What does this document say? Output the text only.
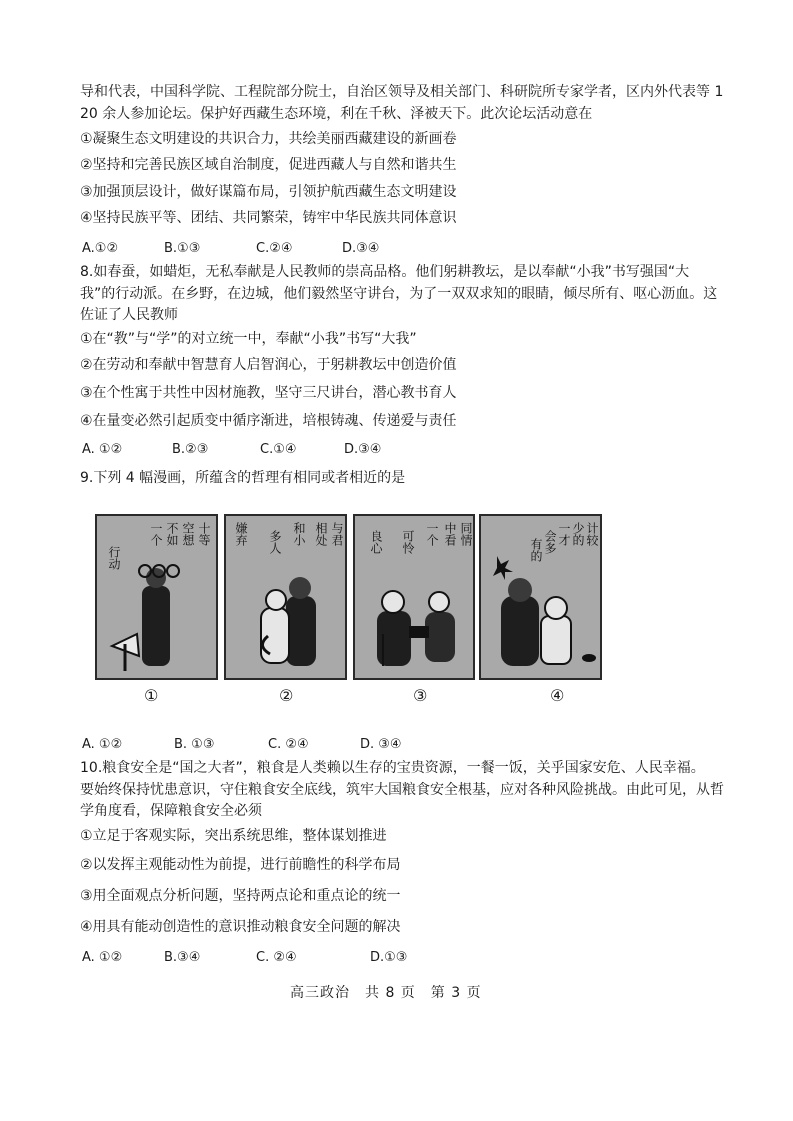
导和代表，中国科学院、工程院部分院士，自治区领导及相关部门、科研院所专家学者，区内外代表等 1
20 余人参加论坛。保护好西藏生态环境，利在千秋、泽被天下。此次论坛活动意在
①凝聚生态文明建设的共识合力，共绘美丽西藏建设的新画卷
②坚持和完善民族区域自治制度，促进西藏人与自然和谐共生
③加强顶层设计，做好谋篇布局，引领护航西藏生态文明建设
④坚持民族平等、团结、共同繁荣，铸牢中华民族共同体意识
A.①②	B.①③	C.②④	D.③④
8.如春蚕，如蜡炬，无私奉献是人民教师的崇高品格。他们躬耕教坛，是以奉献“小我”书写强国“大
我”的行动派。在乡野，在边城，他们毅然坚守讲台，为了一双双求知的眼睛，倾尽所有、呕心沥血。这
佐证了人民教师
①在“教”与“学”的对立统一中，奉献“小我”书写“大我”
②在劳动和奉献中智慧育人启智润心，于躬耕教坛中创造价值
③在个性寓于共性中因材施教，坚守三尺讲台，潜心教书育人
④在量变必然引起质变中循序渐进，培根铸魂、传递爱与责任
A. ①②	B.②③	C.①④	D.③④
9.下列 4 幅漫画，所蕴含的哲理有相同或者相近的是
十等
空想
不如
一个
行动
与君
相处
和小
多人
嫌弃	同情
中看
一个
可怜
良心	计较
少的
一才
会多
有的
①	②	③	④
A. ①②	B. ①③	C. ②④	D. ③④
10.粮食安全是“国之大者”，粮食是人类赖以生存的宝贵资源，一餐一饭，关乎国家安危、人民幸福。
要始终保持忧患意识，守住粮食安全底线，筑牢大国粮食安全根基，应对各种风险挑战。由此可见，从哲
学角度看，保障粮食安全必须
①立足于客观实际，突出系统思维，整体谋划推进
②以发挥主观能动性为前提，进行前瞻性的科学布局
③用全面观点分析问题，坚持两点论和重点论的统一
④用具有能动创造性的意识推动粮食安全问题的解决
A. ①②	B.③④	C. ②④	D.①③
高三政治　共 8 页　第 3 页
